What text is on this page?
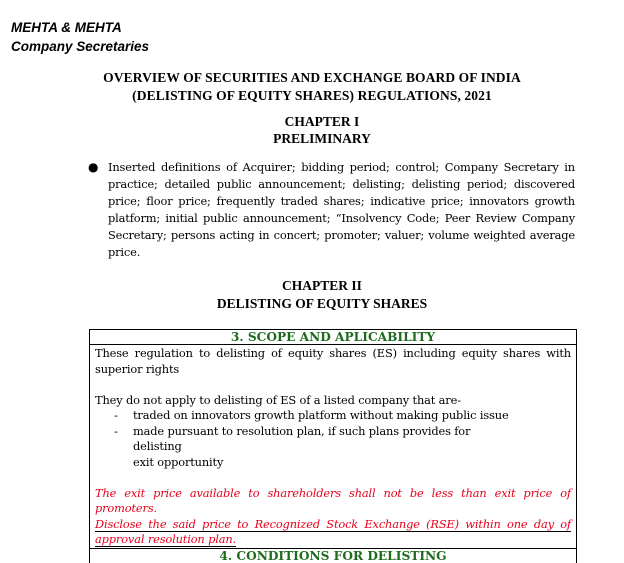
MEHTA & MEHTA
Company Secretaries
OVERVIEW OF SECURITIES AND EXCHANGE BOARD OF INDIA
(DELISTING OF EQUITY SHARES) REGULATIONS, 2021
CHAPTER I
PRELIMINARY
● Inserted definitions of Acquirer; bidding period; control; Company Secretary in practice; detailed public announcement; delisting; delisting period; discovered price; floor price; frequently traded shares; indicative price; innovators growth platform; initial public announcement; “Insolvency Code; Peer Review Company Secretary; persons acting in concert; promoter; valuer; volume weighted average price.
CHAPTER II
DELISTING OF EQUITY SHARES
3. SCOPE AND APLICABILITY
These regulation to delisting of equity shares (ES) including equity shares with superior rights
They do not apply to delisting of ES of a listed company that are-
- traded on innovators growth platform without making public issue
- made pursuant to resolution plan, if such plans provides for
delisting
exit opportunity
The exit price available to shareholders shall not be less than exit price of promoters.
Disclose the said price to Recognized Stock Exchange (RSE) within one day of approval resolution plan.
4. CONDITIONS FOR DELISTING
